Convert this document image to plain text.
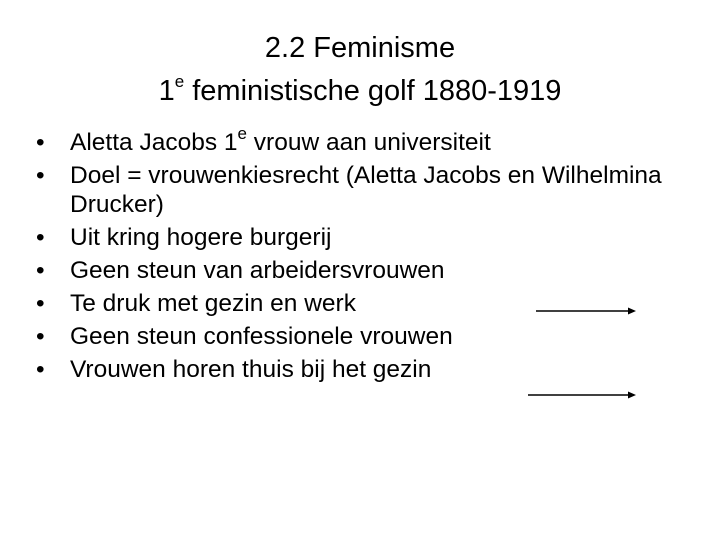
2.2 Feminisme
1e feministische golf 1880-1919
•	Aletta Jacobs 1e vrouw aan universiteit
•	Doel = vrouwenkiesrecht (Aletta Jacobs en Wilhelmina Drucker)
•	Uit kring hogere burgerij
•	Geen steun van arbeidersvrouwen
•	Te druk met gezin en werk
•	Geen steun confessionele vrouwen
•	Vrouwen horen thuis bij het gezin
